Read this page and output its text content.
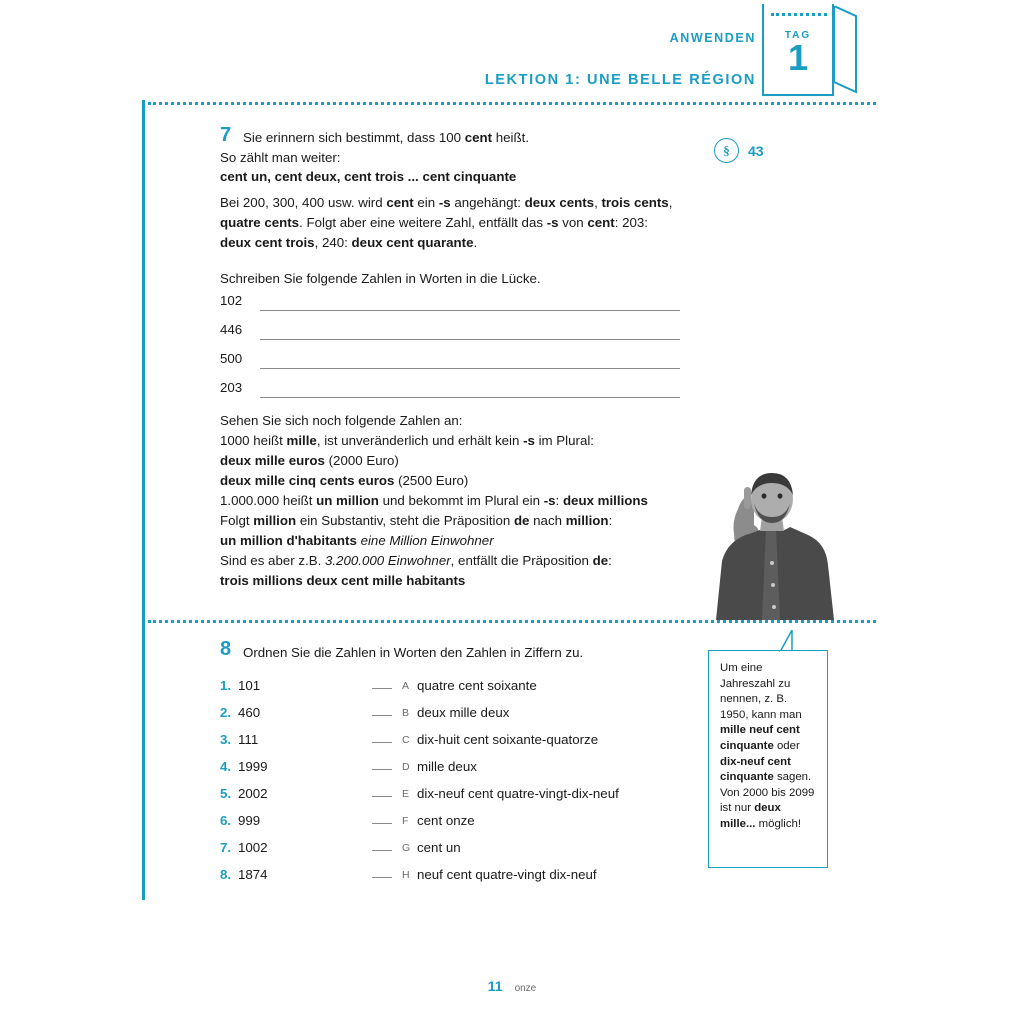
ANWENDEN
LEKTION 1: UNE BELLE RÉGION
TAG
1
7 Sie erinnern sich bestimmt, dass 100 cent heißt.
So zählt man weiter:
cent un, cent deux, cent trois ... cent cinquante
Bei 200, 300, 400 usw. wird cent ein -s angehängt: deux cents, trois cents, quatre cents. Folgt aber eine weitere Zahl, entfällt das -s von cent: 203: deux cent trois, 240: deux cent quarante.
Schreiben Sie folgende Zahlen in Worten in die Lücke.
§	43
102
446
500
203
Sehen Sie sich noch folgende Zahlen an:
1000 heißt mille, ist unveränderlich und erhält kein -s im Plural:
deux mille euros (2000 Euro)
deux mille cinq cents euros (2500 Euro)
1.000.000 heißt un million und bekommt im Plural ein -s: deux millions
Folgt million ein Substantiv, steht die Präposition de nach million:
un million d'habitants eine Million Einwohner
Sind es aber z.B. 3.200.000 Einwohner, entfällt die Präposition de:
trois millions deux cent mille habitants
Um eine Jahreszahl zu nennen, z. B. 1950, kann man mille neuf cent cinquante oder dix-neuf cent cinquante sagen. Von 2000 bis 2099 ist nur deux mille... möglich!
8 Ordnen Sie die Zahlen in Worten den Zahlen in Ziffern zu.
1. 101
2. 460
3. 111
4. 1999
5. 2002
6. 999
7. 1002
8. 1874
A quatre cent soixante
B deux mille deux
C dix-huit cent soixante-quatorze
D mille deux
E dix-neuf cent quatre-vingt-dix-neuf
F cent onze
G cent un
H neuf cent quatre-vingt dix-neuf
11 onze
